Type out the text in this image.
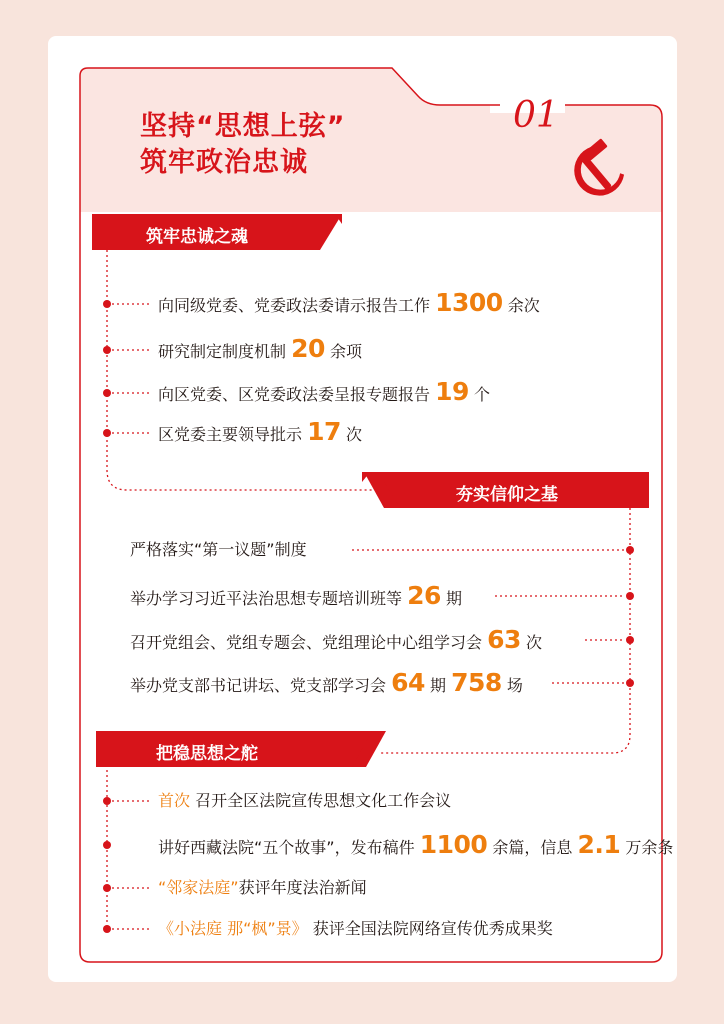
坚持“思想上弦”
筑牢政治忠诚
01
筑牢忠诚之魂
向同级党委、党委政法委请示报告工作 1300 余次
研究制定制度机制 20 余项
向区党委、区党委政法委呈报专题报告 19 个
区党委主要领导批示 17 次
夯实信仰之基
严格落实“第一议题”制度
举办学习习近平法治思想专题培训班等 26 期
召开党组会、党组专题会、党组理论中心组学习会 63 次
举办党支部书记讲坛、党支部学习会 64 期 758 场
把稳思想之舵
首次 召开全区法院宣传思想文化工作会议
讲好西藏法院“五个故事”，发布稿件 1100 余篇，信息 2.1 万余条
“邻家法庭”获评年度法治新闻
《小法庭 那“枫”景》 获评全国法院网络宣传优秀成果奖
